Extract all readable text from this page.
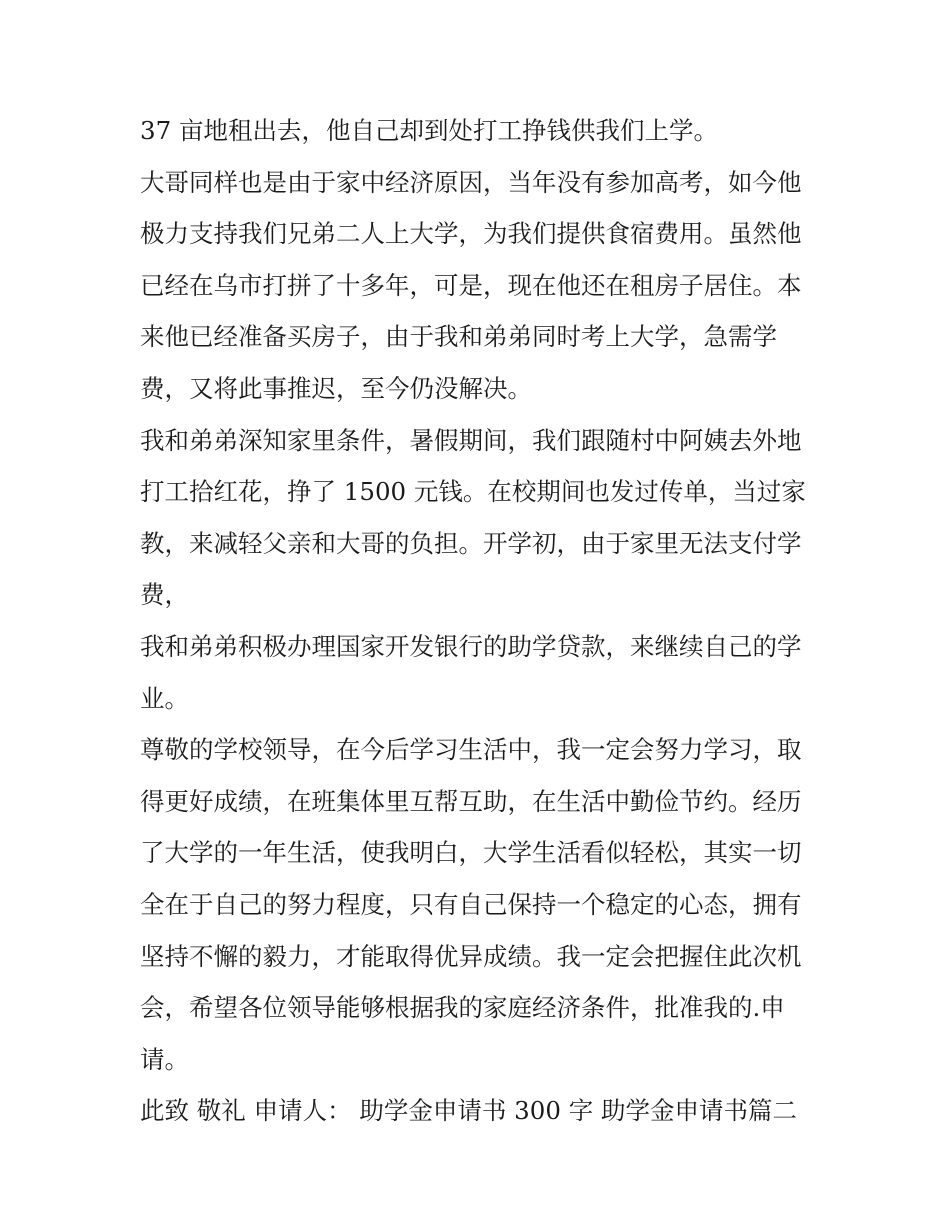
37 亩地租出去，他自己却到处打工挣钱供我们上学。
大哥同样也是由于家中经济原因，当年没有参加高考，如今他
极力支持我们兄弟二人上大学，为我们提供食宿费用。虽然他
已经在乌市打拼了十多年，可是，现在他还在租房子居住。本
来他已经准备买房子，由于我和弟弟同时考上大学，急需学
费，又将此事推迟，至今仍没解决。
我和弟弟深知家里条件，暑假期间，我们跟随村中阿姨去外地
打工拾红花，挣了 1500 元钱。在校期间也发过传单，当过家
教，来减轻父亲和大哥的负担。开学初，由于家里无法支付学
费，
我和弟弟积极办理国家开发银行的助学贷款，来继续自己的学
业。
尊敬的学校领导，在今后学习生活中，我一定会努力学习，取
得更好成绩，在班集体里互帮互助，在生活中勤俭节约。经历
了大学的一年生活，使我明白，大学生活看似轻松，其实一切
全在于自己的努力程度，只有自己保持一个稳定的心态，拥有
坚持不懈的毅力，才能取得优异成绩。我一定会把握住此次机
会，希望各位领导能够根据我的家庭经济条件，批准我的.申
请。
此致 敬礼 申请人： 助学金申请书 300 字 助学金申请书篇二
